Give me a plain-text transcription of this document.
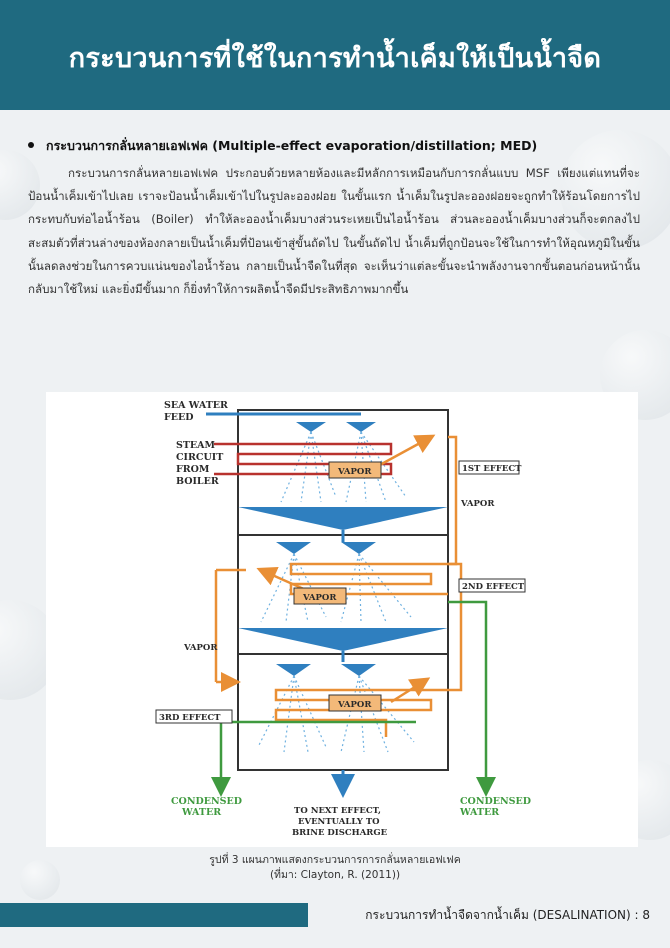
กระบวนการที่ใช้ในการทำน้ำเค็มให้เป็นน้ำจืด
กระบวนการกลั่นหลายเอฟเฟค (Multiple-effect evaporation/distillation; MED)
กระบวนการกลั่นหลายเอฟเฟค ประกอบด้วยหลายห้องและมีหลักการเหมือนกับการกลั่นแบบ MSF เพียงแต่แทนที่จะป้อนน้ำเค็มเข้าไปเลย เราจะป้อนน้ำเค็มเข้าไปในรูปละอองฝอย ในขั้นแรก น้ำเค็มในรูปละอองฝอยจะถูกทำให้ร้อนโดยการไปกระทบกับท่อไอน้ำร้อน (Boiler) ทำให้ละอองน้ำเค็มบางส่วนระเหยเป็นไอน้ำร้อน ส่วนละอองน้ำเค็มบางส่วนก็จะตกลงไปสะสมตัวที่ส่วนล่างของห้องกลายเป็นน้ำเค็มที่ป้อนเข้าสู่ขั้นถัดไป ในขั้นถัดไป น้ำเค็มที่ถูกป้อนจะใช้ในการทำให้อุณหภูมิในขั้นนั้นลดลงช่วยในการควบแน่นของไอน้ำร้อน กลายเป็นน้ำจืดในที่สุด จะเห็นว่าแต่ละขั้นจะนำพลังงานจากขั้นตอนก่อนหน้านั้นกลับมาใช้ใหม่ และยิ่งมีขั้นมาก ก็ยิ่งทำให้การผลิตน้ำจืดมีประสิทธิภาพมากขึ้น
VAPOR
VAPOR
VAPOR
SEA WATER
FEED
STEAM
CIRCUIT
FROM
BOILER
1ST EFFECT
VAPOR
2ND EFFECT
VAPOR
3RD EFFECT
CONDENSED
WATER
CONDENSED
WATER
TO NEXT EFFECT,
EVENTUALLY TO
BRINE DISCHARGE
รูปที่ 3 แผนภาพแสดงกระบวนการการกลั่นหลายเอฟเฟค
(ที่มา: Clayton, R. (2011))
กระบวนการทำน้ำจืดจากน้ำเค็ม (DESALINATION) : 8
